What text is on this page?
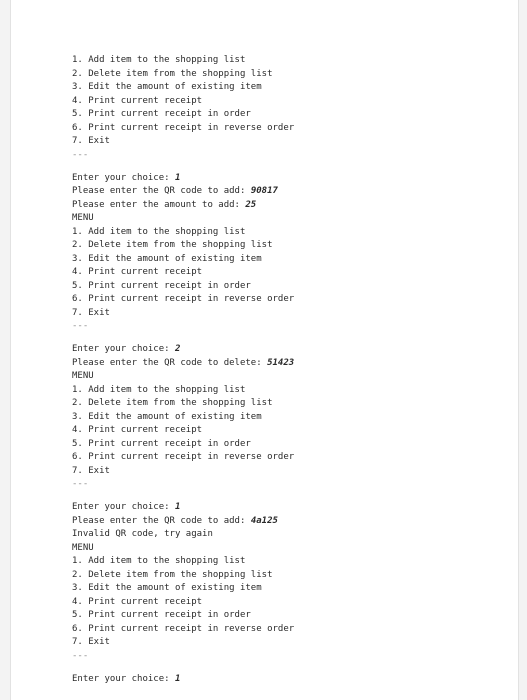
1. Add item to the shopping list
2. Delete item from the shopping list
3. Edit the amount of existing item
4. Print current receipt
5. Print current receipt in order
6. Print current receipt in reverse order
7. Exit
---
Enter your choice: 1
Please enter the QR code to add: 90817
Please enter the amount to add: 25
MENU
1. Add item to the shopping list
2. Delete item from the shopping list
3. Edit the amount of existing item
4. Print current receipt
5. Print current receipt in order
6. Print current receipt in reverse order
7. Exit
---
Enter your choice: 2
Please enter the QR code to delete: 51423
MENU
1. Add item to the shopping list
2. Delete item from the shopping list
3. Edit the amount of existing item
4. Print current receipt
5. Print current receipt in order
6. Print current receipt in reverse order
7. Exit
---
Enter your choice: 1
Please enter the QR code to add: 4a125
Invalid QR code, try again
MENU
1. Add item to the shopping list
2. Delete item from the shopping list
3. Edit the amount of existing item
4. Print current receipt
5. Print current receipt in order
6. Print current receipt in reverse order
7. Exit
---
Enter your choice: 1
